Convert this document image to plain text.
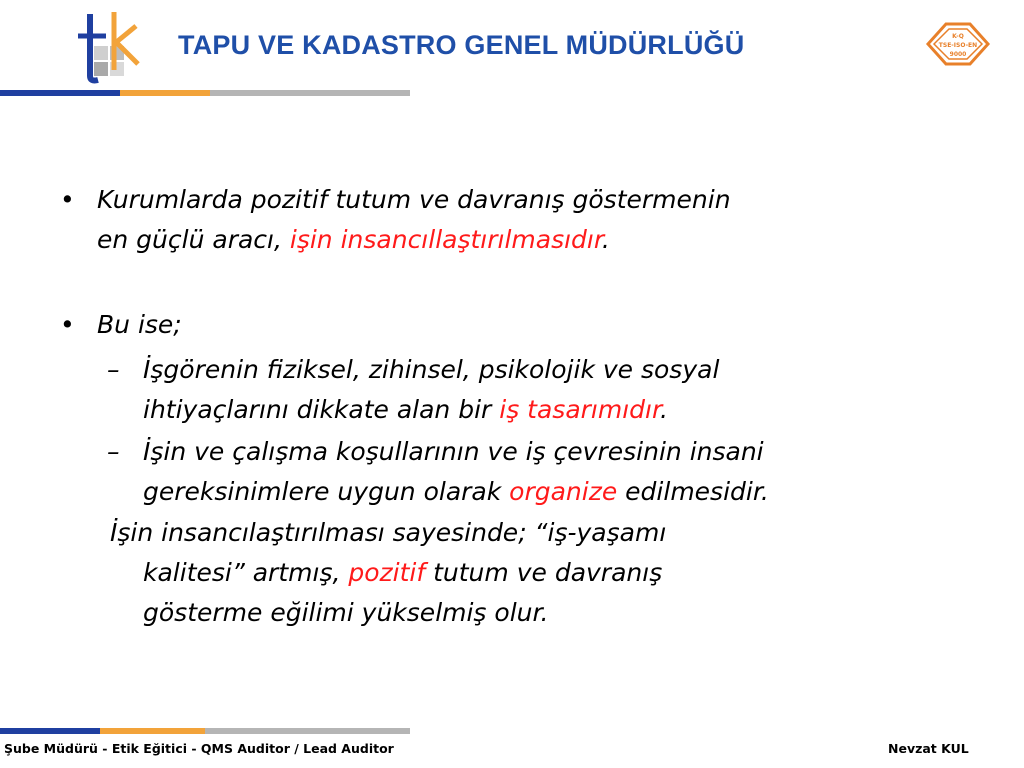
TAPU VE KADASTRO GENEL MÜDÜRLÜĞÜ	K-Q
TSE-ISO-EN
9000
• Kurumlarda pozitif tutum ve davranış göstermenin
en güçlü aracı, işin insancıllaştırılmasıdır.
• Bu ise;
– İşgörenin fiziksel, zihinsel, psikolojik ve sosyal
ihtiyaçlarını dikkate alan bir iş tasarımıdır.
– İşin ve çalışma koşullarının ve iş çevresinin insani
gereksinimlere uygun olarak organize edilmesidir.
İşin insancılaştırılması sayesinde; “iş-yaşamı
kalitesi” artmış, pozitif tutum ve davranış
gösterme eğilimi yükselmiş olur.
Şube Müdürü - Etik Eğitici - QMS Auditor / Lead Auditor	Nevzat KUL
